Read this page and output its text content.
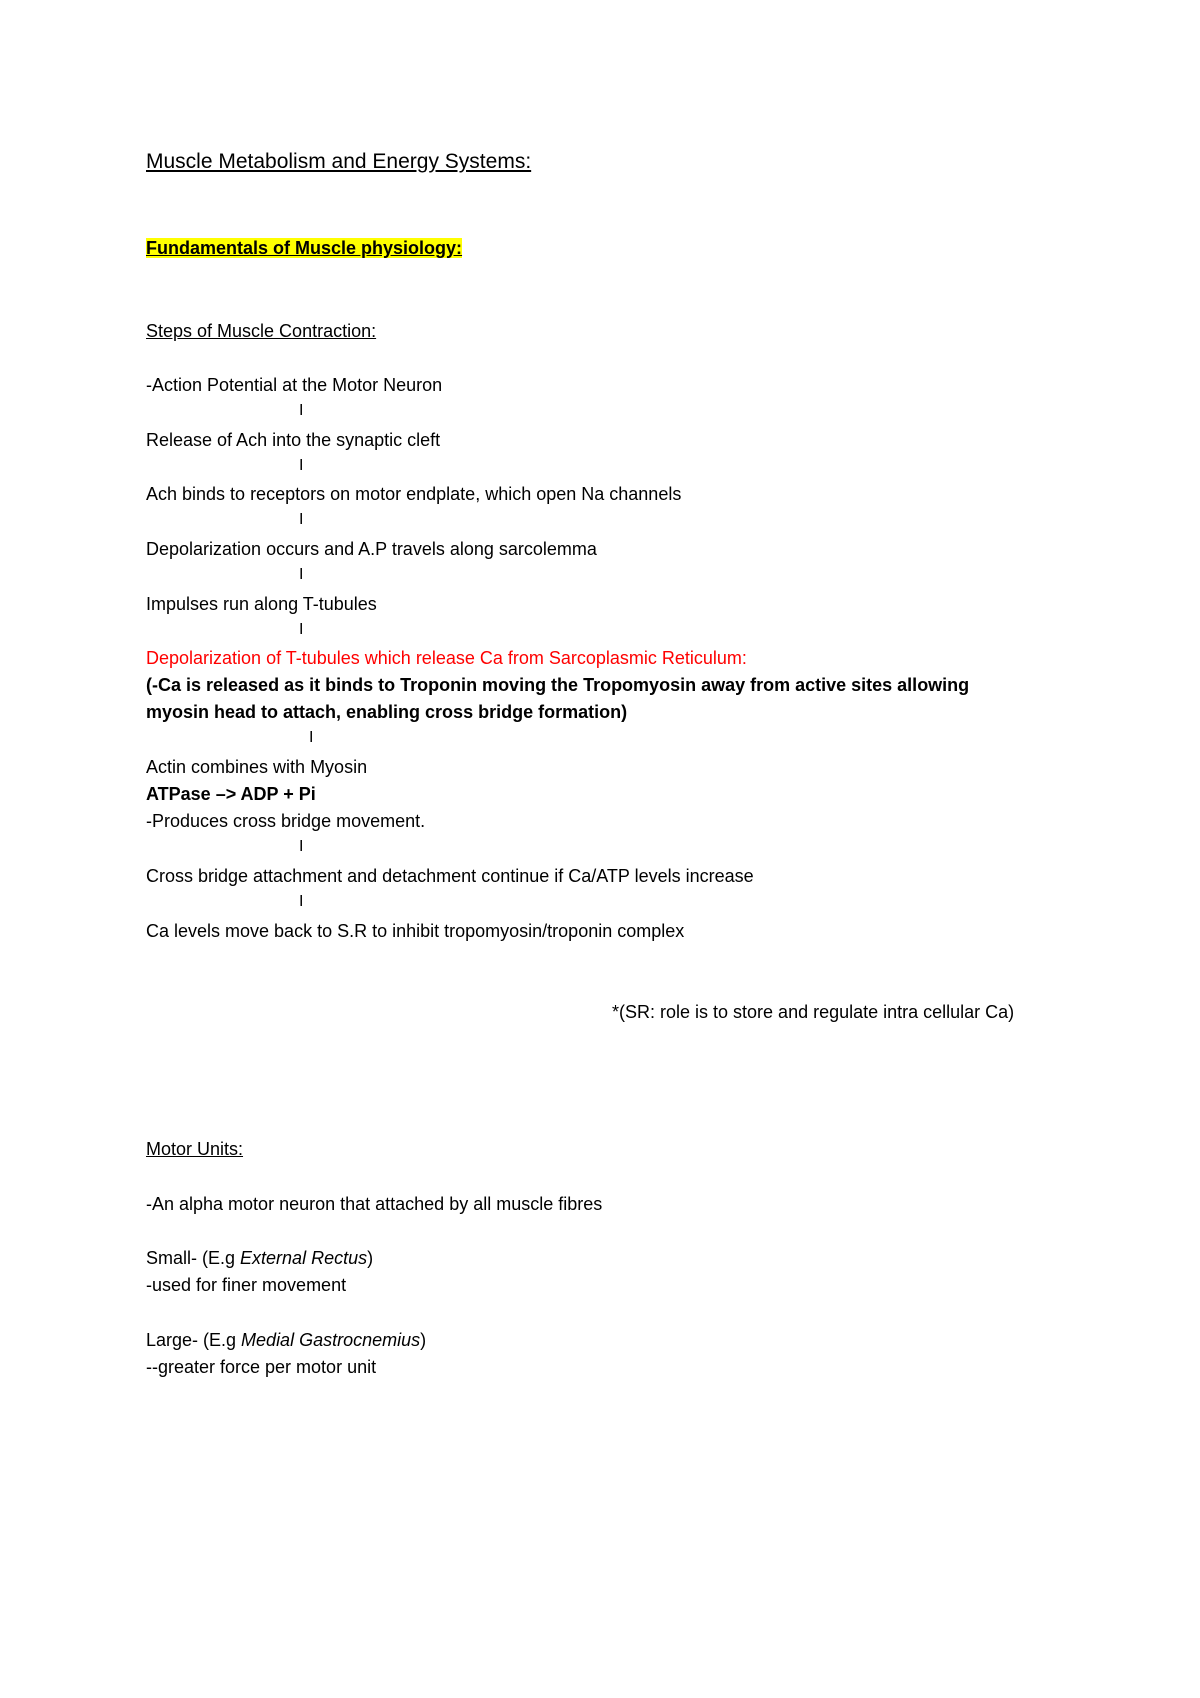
Muscle Metabolism and Energy Systems:
Fundamentals of Muscle physiology:
Steps of Muscle Contraction:
-Action Potential at the Motor Neuron
I
Release of Ach into the synaptic cleft
I
Ach binds to receptors on motor endplate, which open Na channels
I
Depolarization occurs and A.P travels along sarcolemma
I
Impulses run along T-tubules
I
Depolarization of T-tubules which release Ca from Sarcoplasmic Reticulum:
(-Ca is released as it binds to Troponin moving the Tropomyosin away from active sites allowing
myosin head to attach, enabling cross bridge formation)
I
Actin combines with Myosin
ATPase –> ADP + Pi
-Produces cross bridge movement.
I
Cross bridge attachment and detachment continue if Ca/ATP levels increase
I
Ca levels move back to S.R to inhibit tropomyosin/troponin complex
*(SR: role is to store and regulate intra cellular Ca)
Motor Units:
-An alpha motor neuron that attached by all muscle fibres
Small- (E.g External Rectus)
-used for finer movement
Large- (E.g Medial Gastrocnemius)
--greater force per motor unit
